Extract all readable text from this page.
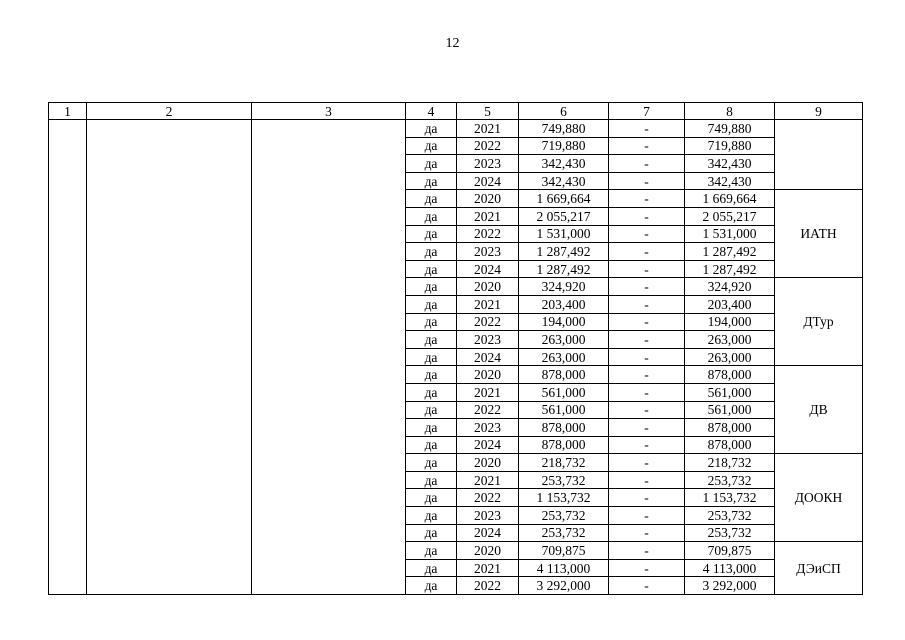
12
1	2	3	4	5	6	7	8	9
			да	2021	749,880	-	749,880	

			да	2022	719,880	-	719,880	
			да	2023	342,430	-	342,430	
			да	2024	342,430	-	342,430	
			да	2020	1 669,664	-	1 669,664	ИАТН

			да	2021	2 055,217	-	2 055,217	
			да	2022	1 531,000	-	1 531,000	
			да	2023	1 287,492	-	1 287,492	
			да	2024	1 287,492	-	1 287,492	
			да	2020	324,920	-	324,920	ДТур

			да	2021	203,400	-	203,400	
			да	2022	194,000	-	194,000	
			да	2023	263,000	-	263,000	
			да	2024	263,000	-	263,000	
			да	2020	878,000	-	878,000	ДВ

			да	2021	561,000	-	561,000	
			да	2022	561,000	-	561,000	
			да	2023	878,000	-	878,000	
			да	2024	878,000	-	878,000	
			да	2020	218,732	-	218,732	ДООКН

			да	2021	253,732	-	253,732	
			да	2022	1 153,732	-	1 153,732	
			да	2023	253,732	-	253,732	
			да	2024	253,732	-	253,732	
			да	2020	709,875	-	709,875	ДЭиСП

			да	2021	4 113,000	-	4 113,000	
			да	2022	3 292,000	-	3 292,000	
